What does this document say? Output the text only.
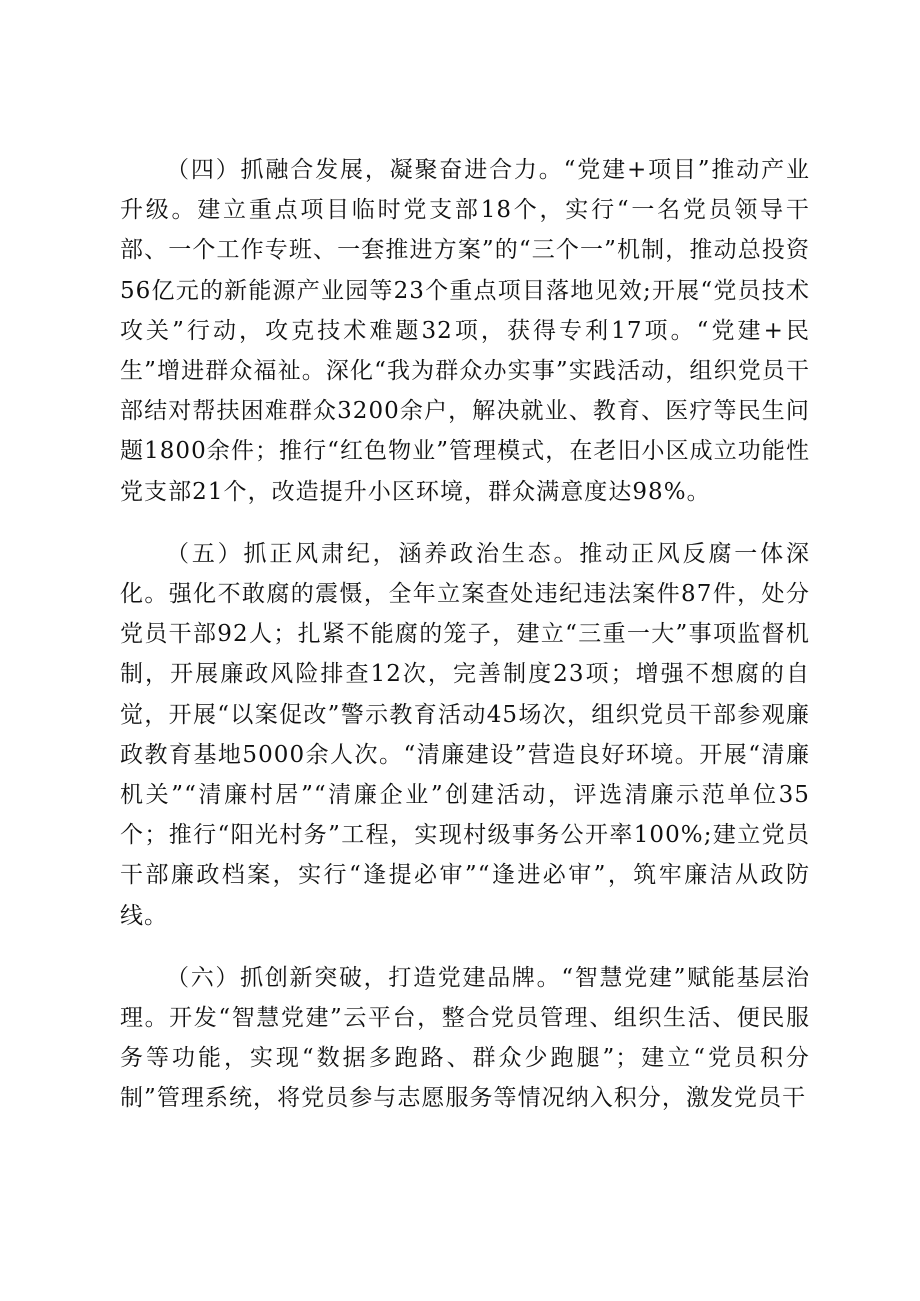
（四）抓融合发展，凝聚奋进合力。“党建+项目”推动产业升级。建立重点项目临时党支部18个，实行“一名党员领导干部、一个工作专班、一套推进方案”的“三个一”机制，推动总投资56亿元的新能源产业园等23个重点项目落地见效;开展“党员技术攻关”行动，攻克技术难题32项，获得专利17项。“党建+民生”增进群众福祉。深化“我为群众办实事”实践活动，组织党员干部结对帮扶困难群众3200余户，解决就业、教育、医疗等民生问题1800余件；推行“红色物业”管理模式，在老旧小区成立功能性党支部21个，改造提升小区环境，群众满意度达98%。

（五）抓正风肃纪，涵养政治生态。推动正风反腐一体深化。强化不敢腐的震慑，全年立案查处违纪违法案件87件，处分党员干部92人；扎紧不能腐的笼子，建立“三重一大”事项监督机制，开展廉政风险排查12次，完善制度23项；增强不想腐的自觉，开展“以案促改”警示教育活动45场次，组织党员干部参观廉政教育基地5000余人次。“清廉建设”营造良好环境。开展“清廉机关”“清廉村居”“清廉企业”创建活动，评选清廉示范单位35个；推行“阳光村务”工程，实现村级事务公开率100%;建立党员干部廉政档案，实行“逢提必审”“逢进必审”，筑牢廉洁从政防线。

（六）抓创新突破，打造党建品牌。“智慧党建”赋能基层治理。开发“智慧党建”云平台，整合党员管理、组织生活、便民服务等功能，实现“数据多跑路、群众少跑腿”；建立“党员积分制”管理系统，将党员参与志愿服务等情况纳入积分，激发党员干
